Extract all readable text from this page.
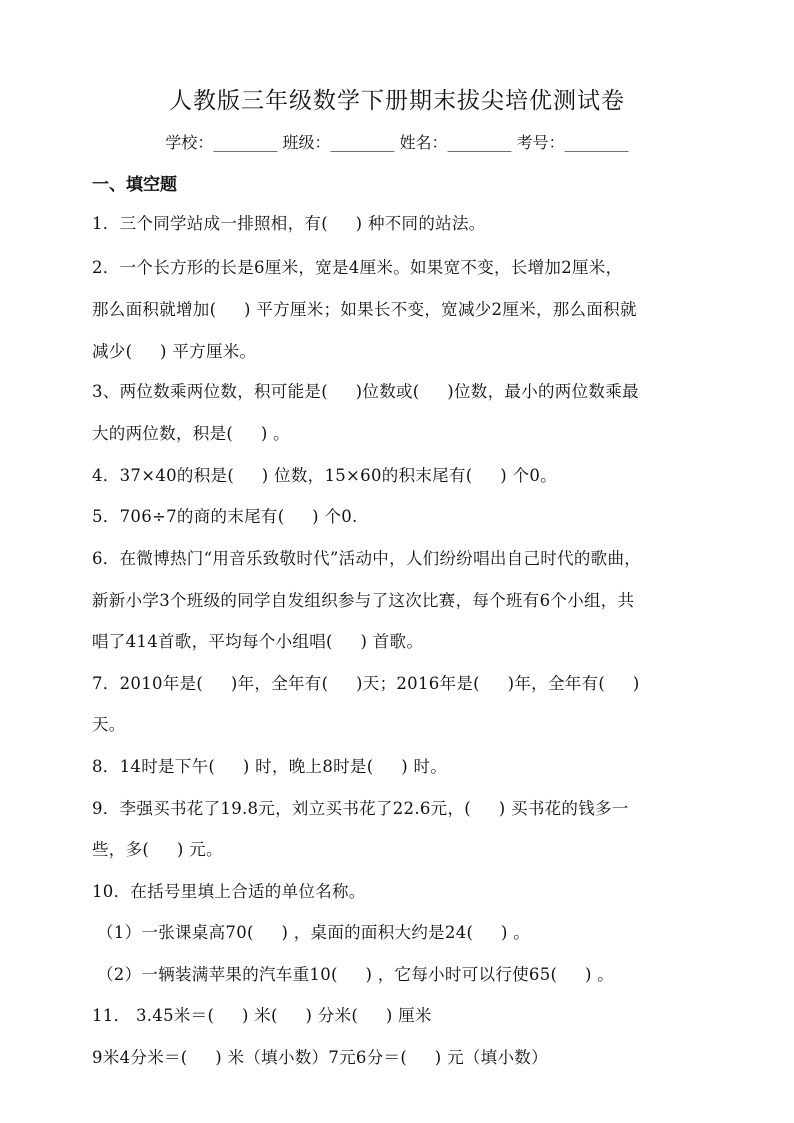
人教版三年级数学下册期末拔尖培优测试卷
学校：________ 班级：________ 姓名：________ 考号：________
一、填空题
1．三个同学站成一排照相，有(     ) 种不同的站法。
2．一个长方形的长是6厘米，宽是4厘米。如果宽不变，长增加2厘米，
那么面积就增加(     ) 平方厘米；如果长不变，宽减少2厘米，那么面积就
减少(     ) 平方厘米。
3、两位数乘两位数，积可能是(     )位数或(     )位数，最小的两位数乘最
大的两位数，积是(     ) 。
4．37×40的积是(     ) 位数，15×60的积末尾有(     ) 个0。
5．706÷7的商的末尾有(     ) 个0.
6．在微博热门“用音乐致敬时代”活动中，人们纷纷唱出自己时代的歌曲，
新新小学3个班级的同学自发组织参与了这次比赛，每个班有6个小组，共
唱了414首歌，平均每个小组唱(     ) 首歌。
7．2010年是(     )年，全年有(     )天；2016年是(     )年，全年有(     )
天。
8．14时是下午(     ) 时，晚上8时是(     ) 时。
9．李强买书花了19.8元，刘立买书花了22.6元，(     ) 买书花的钱多一
些，多(     ) 元。
10．在括号里填上合适的单位名称。
（1）一张课桌高70(     ) ，桌面的面积大约是24(     ) 。
（2）一辆装满苹果的汽车重10(     ) ，它每小时可以行使65(     ) 。
11． 3.45米＝(     ) 米(     ) 分米(     ) 厘米
9米4分米＝(     ) 米（填小数）7元6分＝(     ) 元（填小数）
